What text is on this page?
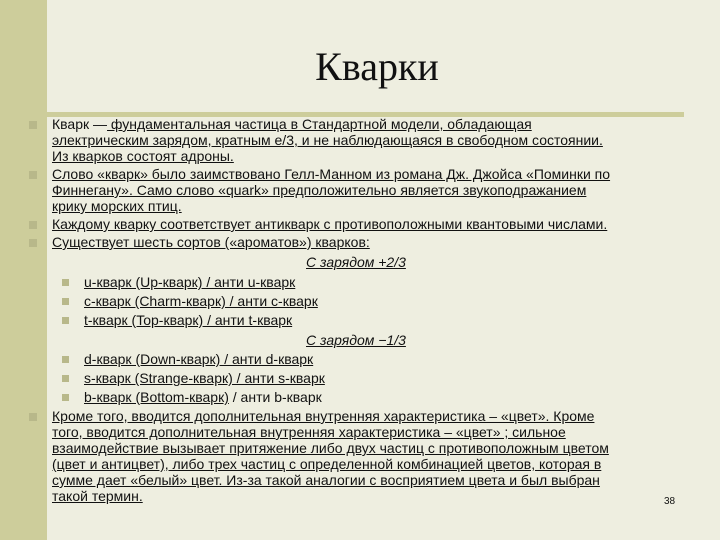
Кварки
Кварк — фундаментальная частица в Стандартной модели, обладающая
электрическим зарядом, кратным e/3, и не наблюдающаяся в свободном состоянии.
Из кварков состоят адроны.
Слово «кварк» было заимствовано Гелл-Манном из романа Дж. Джойса «Поминки по
Финнегану». Само слово «quark» предположительно является звукоподражанием
крику морских птиц.
Каждому кварку соответствует антикварк с противоположными квантовыми числами.
Существует шесть сортов («ароматов») кварков:
С зарядом +2/3
u-кварк (Up-кварк) / анти u-кварк
c-кварк (Charm-кварк) / анти c-кварк
t-кварк (Top-кварк) / анти t-кварк
С зарядом −1/3
d-кварк (Down-кварк) / анти d-кварк
s-кварк (Strange-кварк) / анти s-кварк
b-кварк (Bottom-кварк) / анти b-кварк
Кроме того, вводится дополнительная внутренняя характеристика – «цвет». Кроме
того, вводится дополнительная внутренняя характеристика – «цвет» ; сильное
взаимодействие вызывает притяжение либо двух частиц с противоположным цветом
(цвет и антицвет), либо трех частиц с определенной комбинацией цветов, которая в
сумме дает «белый» цвет. Из-за такой аналогии с восприятием цвета и был выбран
такой термин.	38
